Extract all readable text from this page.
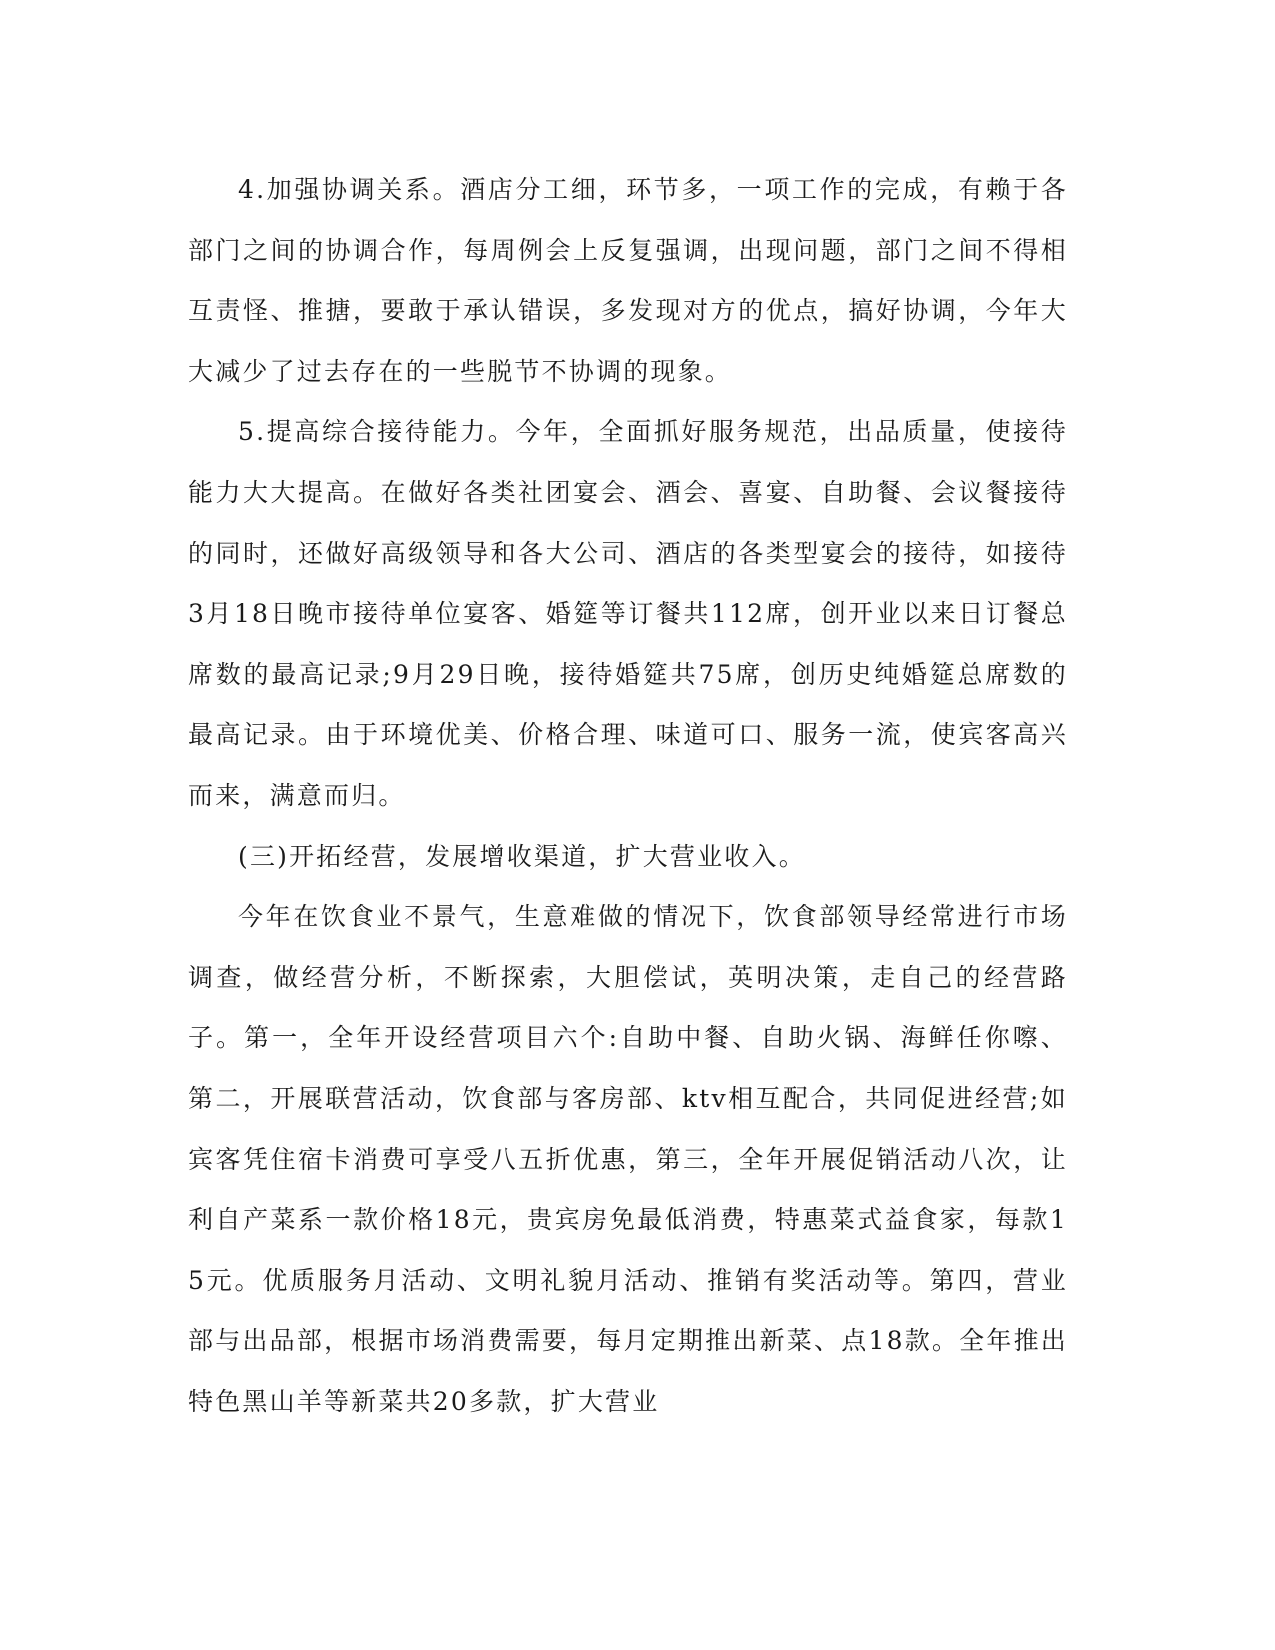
4.加强协调关系。酒店分工细，环节多，一项工作的完成，有赖于各部门之间的协调合作，每周例会上反复强调，出现问题，部门之间不得相互责怪、推搪，要敢于承认错误，多发现对方的优点，搞好协调，今年大大减少了过去存在的一些脱节不协调的现象。

5.提高综合接待能力。今年，全面抓好服务规范，出品质量，使接待能力大大提高。在做好各类社团宴会、酒会、喜宴、自助餐、会议餐接待的同时，还做好高级领导和各大公司、酒店的各类型宴会的接待，如接待3月18日晚市接待单位宴客、婚筵等订餐共112席，创开业以来日订餐总席数的最高记录;9月29日晚，接待婚筵共75席，创历史纯婚筵总席数的最高记录。由于环境优美、价格合理、味道可口、服务一流，使宾客高兴而来，满意而归。

(三)开拓经营，发展增收渠道，扩大营业收入。

今年在饮食业不景气，生意难做的情况下，饮食部领导经常进行市场调查，做经营分析，不断探索，大胆偿试，英明决策，走自己的经营路子。第一，全年开设经营项目六个:自助中餐、自助火锅、海鲜任你嚓、第二，开展联营活动，饮食部与客房部、ktv相互配合，共同促进经营;如宾客凭住宿卡消费可享受八五折优惠，第三，全年开展促销活动八次，让利自产菜系一款价格18元，贵宾房免最低消费，特惠菜式益食家，每款15元。优质服务月活动、文明礼貌月活动、推销有奖活动等。第四，营业部与出品部，根据市场消费需要，每月定期推出新菜、点18款。全年推出特色黑山羊等新菜共20多款，扩大营业
